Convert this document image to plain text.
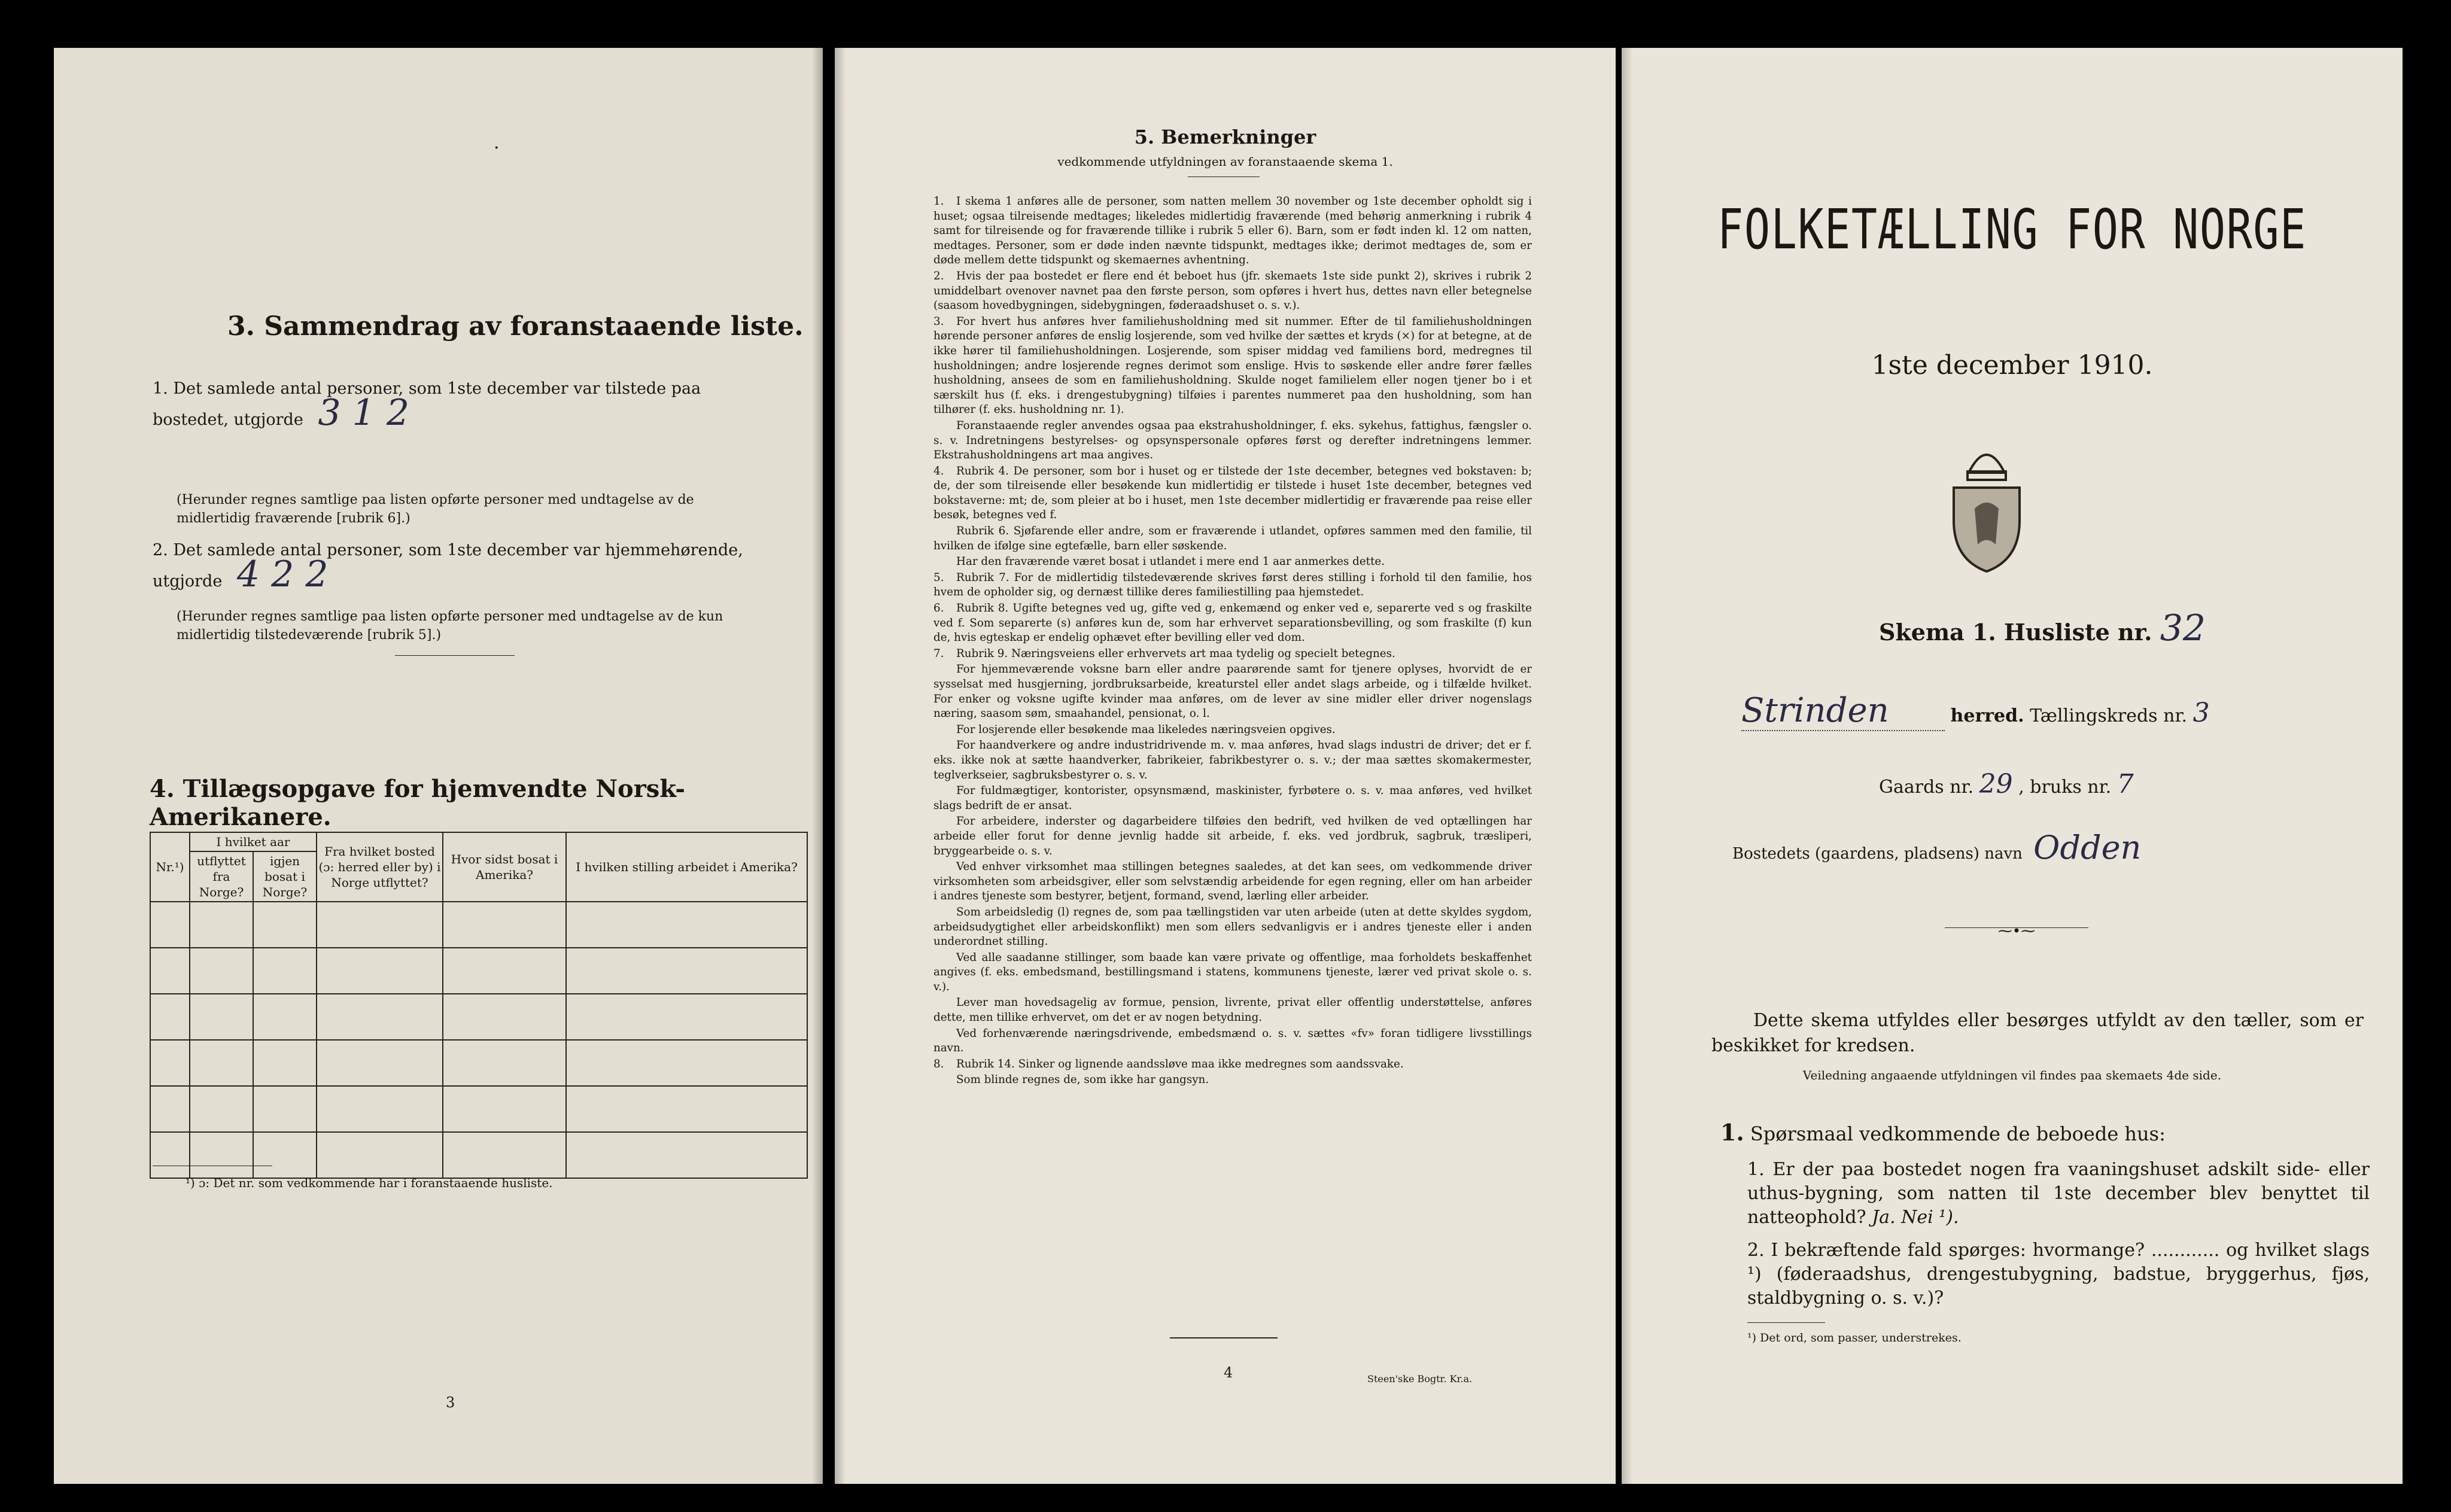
·
3. Sammendrag av foranstaaende liste.
1. Det samlede antal personer, som 1ste december var tilstede paa bostedet, utgjorde 3 1 2
(Herunder regnes samtlige paa listen opførte personer med undtagelse av de midlertidig fraværende [rubrik 6].)
2. Det samlede antal personer, som 1ste december var hjemmehørende, utgjorde 4 2 2
(Herunder regnes samtlige paa listen opførte personer med undtagelse av de kun midlertidig tilstedeværende [rubrik 5].)
4. Tillægsopgave for hjemvendte Norsk-Amerikanere.
Nr.¹)	I hvilket aar		Fra hvilket bosted (ɔ: herred eller by) i Norge utflyttet?	Hvor sidst bosat i Amerika?	I hvilken stilling arbeidet i Amerika?
	utflyttet fra Norge?	igjen bosat i Norge?			

¹) ɔ: Det nr. som vedkommende har i foranstaaende husliste.
3
5. Bemerkninger
vedkommende utfyldningen av foranstaaende skema 1.

1. I skema 1 anføres alle de personer, som natten mellem 30 november og 1ste december opholdt sig i huset; ogsaa tilreisende medtages; likeledes midlertidig fraværende (med behørig anmerkning i rubrik 4 samt for tilreisende og for fraværende tillike i rubrik 5 eller 6). Barn, som er født inden kl. 12 om natten, medtages. Personer, som er døde inden nævnte tidspunkt, medtages ikke; derimot medtages de, som er døde mellem dette tidspunkt og skemaernes avhentning.

2. Hvis der paa bostedet er flere end ét beboet hus (jfr. skemaets 1ste side punkt 2), skrives i rubrik 2 umiddelbart ovenover navnet paa den første person, som opføres i hvert hus, dettes navn eller betegnelse (saasom hovedbygningen, sidebygningen, føderaadshuset o. s. v.).

3. For hvert hus anføres hver familiehusholdning med sit nummer. Efter de til familiehusholdningen hørende personer anføres de enslig losjerende, som ved hvilke der sættes et kryds (×) for at betegne, at de ikke hører til familiehusholdningen. Losjerende, som spiser middag ved familiens bord, medregnes til husholdningen; andre losjerende regnes derimot som enslige. Hvis to søskende eller andre fører fælles husholdning, ansees de som en familiehusholdning. Skulde noget familielem eller nogen tjener bo i et særskilt hus (f. eks. i drengestubygning) tilføies i parentes nummeret paa den husholdning, som han tilhører (f. eks. husholdning nr. 1).

Foranstaaende regler anvendes ogsaa paa ekstrahusholdninger, f. eks. sykehus, fattighus, fængsler o. s. v. Indretningens bestyrelses- og opsynspersonale opføres først og derefter indretningens lemmer. Ekstrahusholdningens art maa angives.

4. Rubrik 4. De personer, som bor i huset og er tilstede der 1ste december, betegnes ved bokstaven: b; de, der som tilreisende eller besøkende kun midlertidig er tilstede i huset 1ste december, betegnes ved bokstaverne: mt; de, som pleier at bo i huset, men 1ste december midlertidig er fraværende paa reise eller besøk, betegnes ved f.

Rubrik 6. Sjøfarende eller andre, som er fraværende i utlandet, opføres sammen med den familie, til hvilken de ifølge sine egtefælle, barn eller søskende.

Har den fraværende været bosat i utlandet i mere end 1 aar anmerkes dette.

5. Rubrik 7. For de midlertidig tilstedeværende skrives først deres stilling i forhold til den familie, hos hvem de opholder sig, og dernæst tillike deres familiestilling paa hjemstedet.

6. Rubrik 8. Ugifte betegnes ved ug, gifte ved g, enkemænd og enker ved e, separerte ved s og fraskilte ved f. Som separerte (s) anføres kun de, som har erhvervet separationsbevilling, og som fraskilte (f) kun de, hvis egteskap er endelig ophævet efter bevilling eller ved dom.

7. Rubrik 9. Næringsveiens eller erhvervets art maa tydelig og specielt betegnes.

For hjemmeværende voksne barn eller andre paarørende samt for tjenere oplyses, hvorvidt de er sysselsat med husgjerning, jordbruksarbeide, kreaturstel eller andet slags arbeide, og i tilfælde hvilket. For enker og voksne ugifte kvinder maa anføres, om de lever av sine midler eller driver nogenslags næring, saasom søm, smaahandel, pensionat, o. l.

For losjerende eller besøkende maa likeledes næringsveien opgives.

For haandverkere og andre industridrivende m. v. maa anføres, hvad slags industri de driver; det er f. eks. ikke nok at sætte haandverker, fabrikeier, fabrikbestyrer o. s. v.; der maa sættes skomakermester, teglverkseier, sagbruksbestyrer o. s. v.

For fuldmægtiger, kontorister, opsynsmænd, maskinister, fyrbøtere o. s. v. maa anføres, ved hvilket slags bedrift de er ansat.

For arbeidere, inderster og dagarbeidere tilføies den bedrift, ved hvilken de ved optællingen har arbeide eller forut for denne jevnlig hadde sit arbeide, f. eks. ved jordbruk, sagbruk, træsliperi, bryggearbeide o. s. v.

Ved enhver virksomhet maa stillingen betegnes saaledes, at det kan sees, om vedkommende driver virksomheten som arbeidsgiver, eller som selvstændig arbeidende for egen regning, eller om han arbeider i andres tjeneste som bestyrer, betjent, formand, svend, lærling eller arbeider.

Som arbeidsledig (l) regnes de, som paa tællingstiden var uten arbeide (uten at dette skyldes sygdom, arbeidsudygtighet eller arbeidskonflikt) men som ellers sedvanligvis er i andres tjeneste eller i anden underordnet stilling.

Ved alle saadanne stillinger, som baade kan være private og offentlige, maa forholdets beskaffenhet angives (f. eks. embedsmand, bestillingsmand i statens, kommunens tjeneste, lærer ved privat skole o. s. v.).

Lever man hovedsagelig av formue, pension, livrente, privat eller offentlig understøttelse, anføres dette, men tillike erhvervet, om det er av nogen betydning.

Ved forhenværende næringsdrivende, embedsmænd o. s. v. sættes «fv» foran tidligere livsstillings navn.

8. Rubrik 14. Sinker og lignende aandssløve maa ikke medregnes som aandssvake.

Som blinde regnes de, som ikke har gangsyn.

4	Steen'ske Bogtr. Kr.a.
FOLKETÆLLING FOR NORGE
1ste december 1910.
Skema 1. Husliste nr. 32
Strinden	herred. Tællingskreds nr. 3
Gaards nr. 29 , bruks nr. 7
Bostedets (gaardens, pladsens) navn Odden
⁓•⁓
Dette skema utfyldes eller besørges utfyldt av den tæller, som er beskikket for kredsen.
Veiledning angaaende utfyldningen vil findes paa skemaets 4de side.
1. Spørsmaal vedkommende de beboede hus:
1. Er der paa bostedet nogen fra vaaningshuset adskilt side- eller uthus-bygning, som natten til 1ste december blev benyttet til natteophold? Ja. Nei ¹).
2. I bekræftende fald spørges: hvormange? ............ og hvilket slags ¹) (føderaadshus, drengestubygning, badstue, bryggerhus, fjøs, staldbygning o. s. v.)?
¹) Det ord, som passer, understrekes.
